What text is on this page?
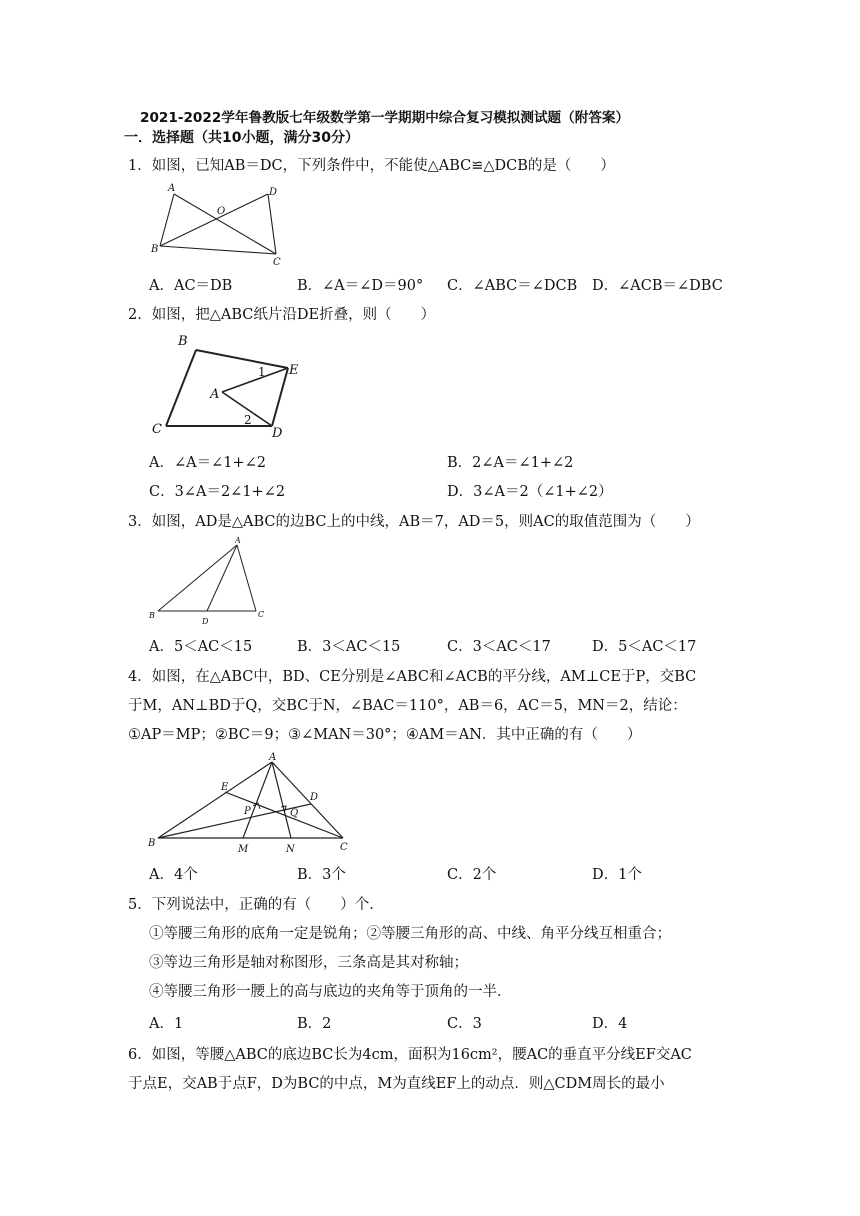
2021-2022学年鲁教版七年级数学第一学期期中综合复习模拟测试题（附答案）
一．选择题（共10小题，满分30分）
1．如图，已知AB＝DC，下列条件中，不能使△ABC≌△DCB的是（　　）
A	D
O
B
C
A．AC＝DB	B．∠A＝∠D＝90° C．∠ABC＝∠DCB D．∠ACB＝∠DBC
2．如图，把△ABC纸片沿DE折叠，则（　　）
B
E
1
A
2
C	D
A．∠A＝∠1+∠2	B．2∠A＝∠1+∠2
C．3∠A＝2∠1+∠2	D．3∠A＝2（∠1+∠2）
3．如图，AD是△ABC的边BC上的中线，AB＝7，AD＝5，则AC的取值范围为（　　）
A
B
D
C
A．5＜AC＜15	B．3＜AC＜15	C．3＜AC＜17	D．5＜AC＜17
4．如图，在△ABC中，BD、CE分别是∠ABC和∠ACB的平分线，AM⊥CE于P，交BC
于M，AN⊥BD于Q，交BC于N，∠BAC＝110°，AB＝6，AC＝5，MN＝2，结论：
①AP＝MP；②BC＝9；③∠MAN＝30°；④AM＝AN．其中正确的有（　　）
A
E
D
P	Q
B
M	N	C
A．4个	B．3个	C．2个	D．1个
5．下列说法中，正确的有（　　）个．
①等腰三角形的底角一定是锐角；②等腰三角形的高、中线、角平分线互相重合；
③等边三角形是轴对称图形，三条高是其对称轴；
④等腰三角形一腰上的高与底边的夹角等于顶角的一半．
A．1	B．2	C．3	D．4
6．如图，等腰△ABC的底边BC长为4cm，面积为16cm²，腰AC的垂直平分线EF交AC
于点E，交AB于点F，D为BC的中点，M为直线EF上的动点．则△CDM周长的最小
